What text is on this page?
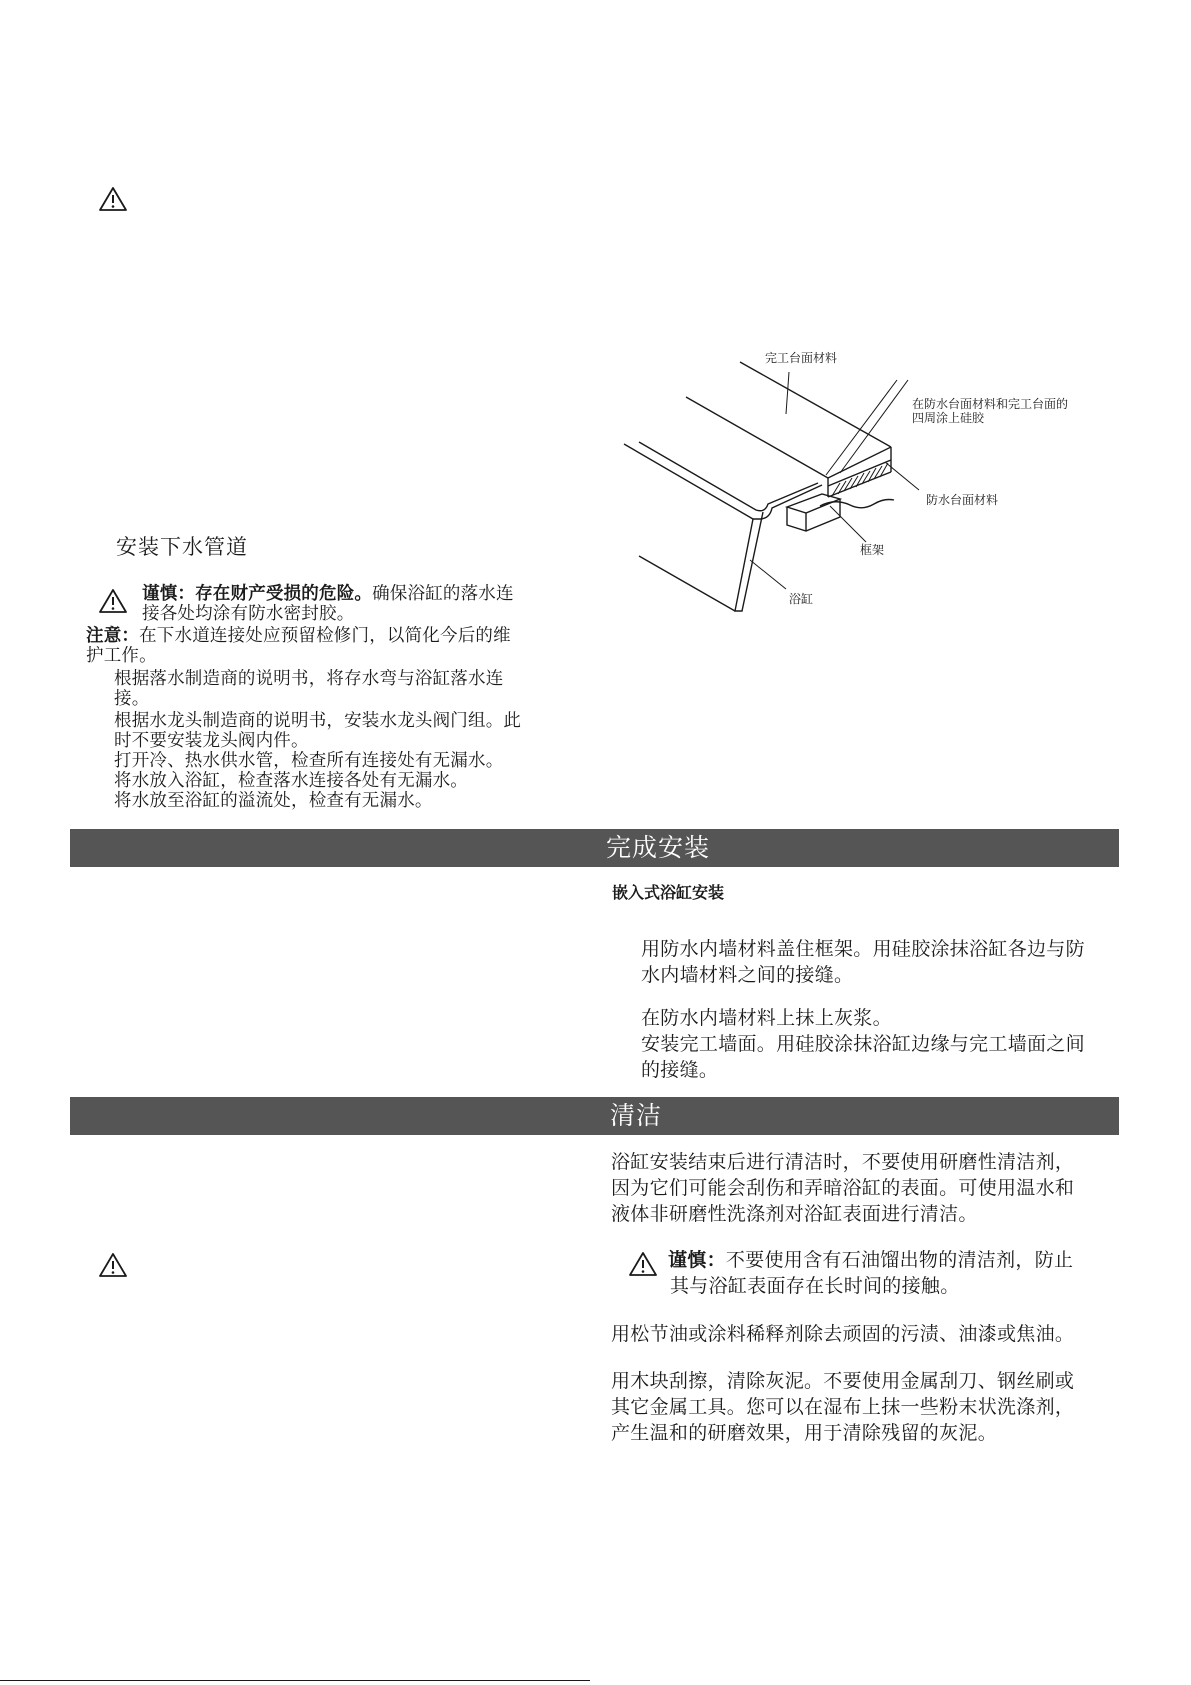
安装下水管道
谨慎：存在财产受损的危险。确保浴缸的落水连
接各处均涂有防水密封胶。
注意：在下水道连接处应预留检修门，以简化今后的维
护工作。
根据落水制造商的说明书，将存水弯与浴缸落水连
接。
根据水龙头制造商的说明书，安装水龙头阀门组。此
时不要安装龙头阀内件。
打开冷、热水供水管，检查所有连接处有无漏水。
将水放入浴缸，检查落水连接各处有无漏水。
将水放至浴缸的溢流处，检查有无漏水。
完工台面材料
在防水台面材料和完工台面的
四周涂上硅胶
防水台面材料
框架
浴缸
完成安装
嵌入式浴缸安装
用防水内墙材料盖住框架。用硅胶涂抹浴缸各边与防
水内墙材料之间的接缝。
在防水内墙材料上抹上灰浆。
安装完工墙面。用硅胶涂抹浴缸边缘与完工墙面之间
的接缝。
清洁
浴缸安装结束后进行清洁时，不要使用研磨性清洁剂，
因为它们可能会刮伤和弄暗浴缸的表面。可使用温水和
液体非研磨性洗涤剂对浴缸表面进行清洁。
谨慎：不要使用含有石油馏出物的清洁剂，防止
其与浴缸表面存在长时间的接触。
用松节油或涂料稀释剂除去顽固的污渍、油漆或焦油。
用木块刮擦，清除灰泥。不要使用金属刮刀、钢丝刷或
其它金属工具。您可以在湿布上抹一些粉末状洗涤剂，
产生温和的研磨效果，用于清除残留的灰泥。
